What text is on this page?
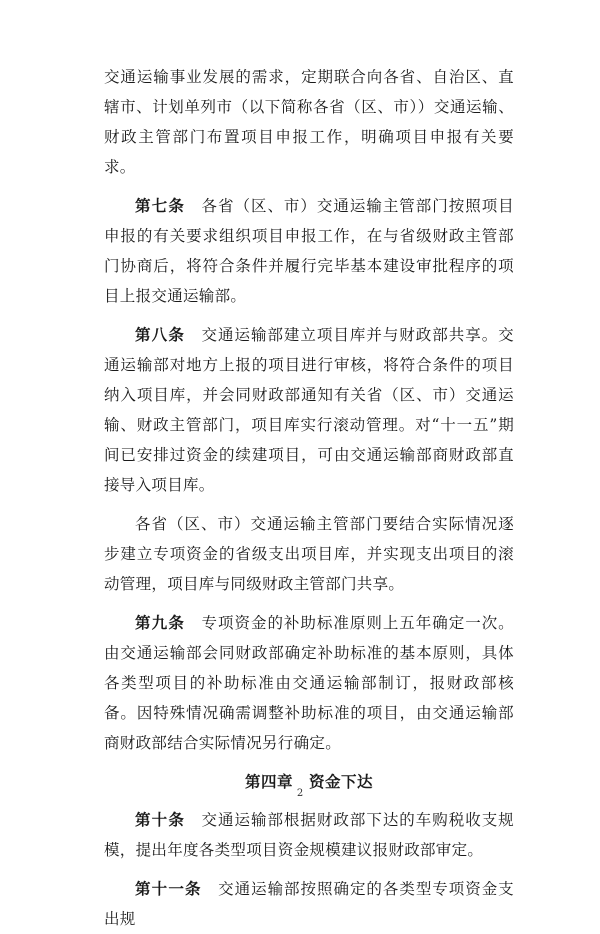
交通运输事业发展的需求，定期联合向各省、自治区、直辖市、计划单列市（以下简称各省（区、市））交通运输、财政主管部门布置项目申报工作，明确项目申报有关要求。

第七条　 各省（区、市）交通运输主管部门按照项目申报的有关要求组织项目申报工作，在与省级财政主管部门协商后，将符合条件并履行完毕基本建设审批程序的项目上报交通运输部。

第八条　 交通运输部建立项目库并与财政部共享。交通运输部对地方上报的项目进行审核，将符合条件的项目纳入项目库，并会同财政部通知有关省（区、市）交通运输、财政主管部门，项目库实行滚动管理。对“十一五”期间已安排过资金的续建项目，可由交通运输部商财政部直接导入项目库。

各省（区、市）交通运输主管部门要结合实际情况逐步建立专项资金的省级支出项目库，并实现支出项目的滚动管理，项目库与同级财政主管部门共享。

第九条　 专项资金的补助标准原则上五年确定一次。由交通运输部会同财政部确定补助标准的基本原则，具体各类型项目的补助标准由交通运输部制订，报财政部核备。因特殊情况确需调整补助标准的项目，由交通运输部商财政部结合实际情况另行确定。

第四章　资金下达

第十条　 交通运输部根据财政部下达的车购税收支规模，提出年度各类型项目资金规模建议报财政部审定。

第十一条　 交通运输部按照确定的各类型专项资金支出规

2
